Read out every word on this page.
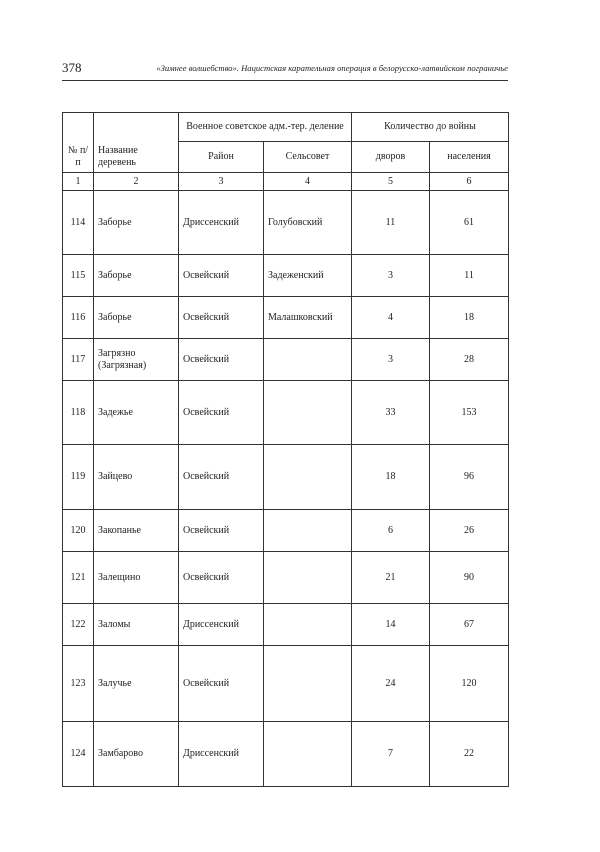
378	«Зимнее волшебство». Нацистская карательная операция в белорусско-латвийском пограничье
№ п/п	Название деревень	Военное советское адм.-тер. деление		Количество до войны	
		Район	Сельсовет	дворов	населения
1	2	3	4	5	6
114	Заборье	Дриссенский	Голубовский	11	61
115	Заборье	Освейский	Задеженский	3	11
116	Заборье	Освейский	Малашковский	4	18
117	Загрязно (Загрязная)	Освейский		3	28
118	Задежье	Освейский		33	153
119	Зайцево	Освейский		18	96
120	Закопанье	Освейский		6	26
121	Залещино	Освейский		21	90
122	Заломы	Дриссенский		14	67
123	Залучье	Освейский		24	120
124	Замбарово	Дриссенский		7	22
